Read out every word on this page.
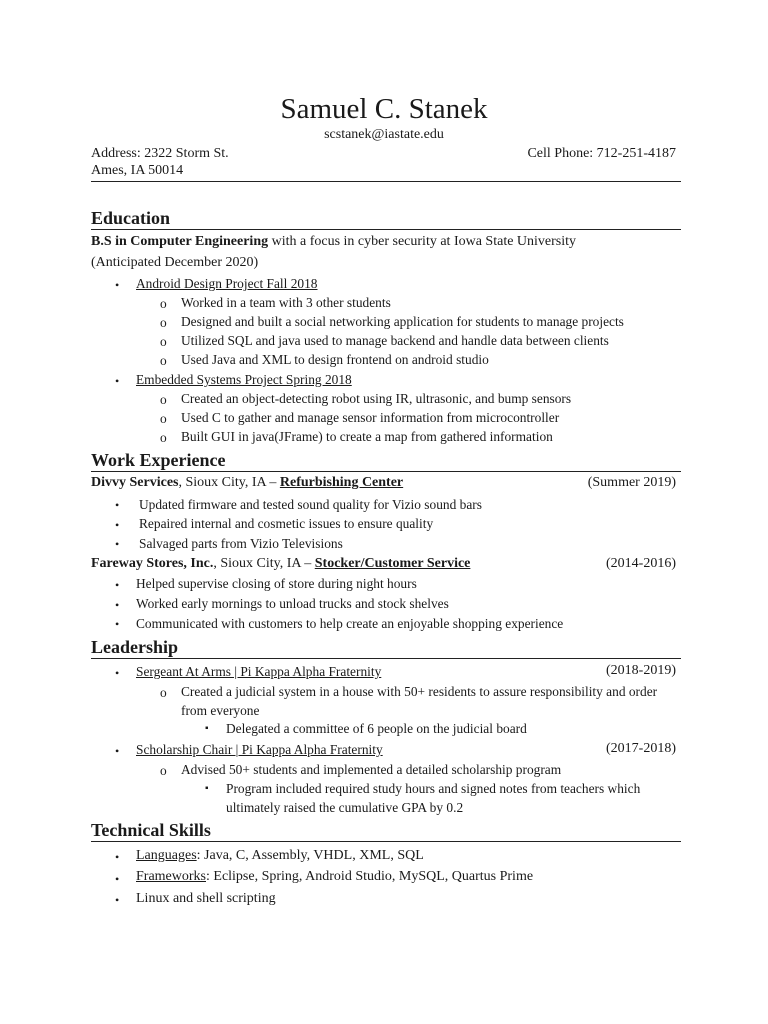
Samuel C. Stanek
scstanek@iastate.edu
Address: 2322 Storm St.
Ames, IA 50014
Cell Phone: 712-251-4187
Education
B.S in Computer Engineering with a focus in cyber security at Iowa State University
(Anticipated December 2020)
• Android Design Project Fall 2018
o Worked in a team with 3 other students
o Designed and built a social networking application for students to manage projects
o Utilized SQL and java used to manage backend and handle data between clients
o Used Java and XML to design frontend on android studio
• Embedded Systems Project Spring 2018
o Created an object-detecting robot using IR, ultrasonic, and bump sensors
o Used C to gather and manage sensor information from microcontroller
o Built GUI in java(JFrame) to create a map from gathered information
Work Experience
Divvy Services, Sioux City, IA – Refurbishing Center	(Summer 2019)
• Updated firmware and tested sound quality for Vizio sound bars
• Repaired internal and cosmetic issues to ensure quality
• Salvaged parts from Vizio Televisions
Fareway Stores, Inc., Sioux City, IA – Stocker/Customer Service	(2014-2016)
• Helped supervise closing of store during night hours
• Worked early mornings to unload trucks and stock shelves
• Communicated with customers to help create an enjoyable shopping experience
Leadership
• Sergeant At Arms | Pi Kappa Alpha Fraternity	(2018-2019)
o Created a judicial system in a house with 50+ residents to assure responsibility and order
from everyone
▪ Delegated a committee of 6 people on the judicial board
• Scholarship Chair | Pi Kappa Alpha Fraternity	(2017-2018)
o Advised 50+ students and implemented a detailed scholarship program
▪ Program included required study hours and signed notes from teachers which
ultimately raised the cumulative GPA by 0.2
Technical Skills
• Languages: Java, C, Assembly, VHDL, XML, SQL
• Frameworks: Eclipse, Spring, Android Studio, MySQL, Quartus Prime
• Linux and shell scripting
